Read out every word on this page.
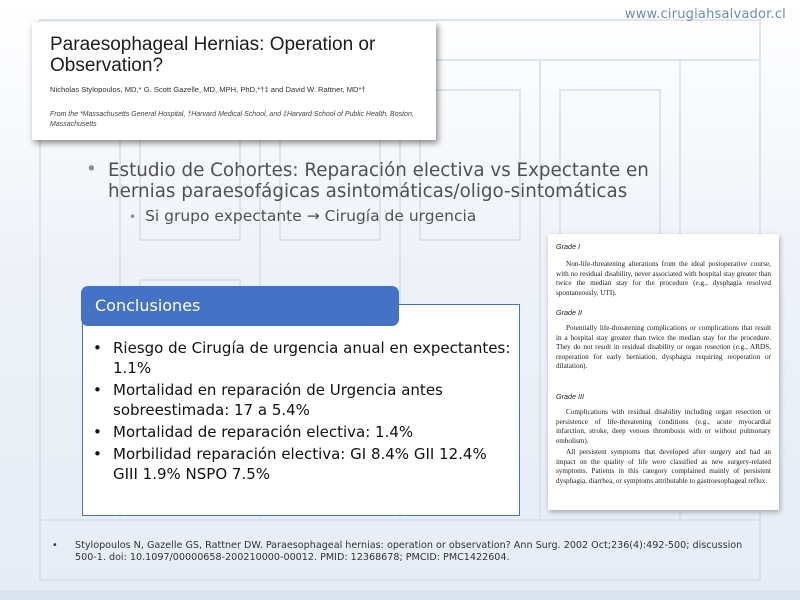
www.cirugiahsalvador.cl
Paraesophageal Hernias: Operation or Observation?
Nicholas Stylopoulos, MD,* G. Scott Gazelle, MD, MPH, PhD,*†‡ and David W. Rattner, MD*†
From the *Massachusetts General Hospital, †Harvard Medical School, and ‡Harvard School of Public Health, Boston, Massachusetts
• Estudio de Cohortes: Reparación electiva vs Expectante en hernias paraesofágicas asintomáticas/oligo-sintomáticas
• Si grupo expectante → Cirugía de urgencia
Conclusiones
• Riesgo de Cirugía de urgencia anual en expectantes: 1.1%
• Mortalidad en reparación de Urgencia antes sobreestimada: 17 a 5.4%
• Mortalidad de reparación electiva: 1.4%
• Morbilidad reparación electiva: GI 8.4% GII 12.4% GIII 1.9% NSPO 7.5%
Grade I
Non-life-threatening alterations from the ideal postoperative course, with no residual disability, never associated with hospital stay greater than twice the median stay for the procedure (e.g., dysphagia resolved spontaneously, UTI).
Grade II
Potentially life-threatening complications or complications that result in a hospital stay greater than twice the median stay for the procedure. They do not result in residual disability or organ resection (e.g., ARDS, reoperation for early herniation, dysphagia requiring reoperation or dilatation).
Grade III
Complications with residual disability including organ resection or persistence of life-threatening conditions (e.g., acute myocardial infarction, stroke, deep venous thrombosis with or without pulmonary embolism).
All persistent symptoms that developed after surgery and had an impact on the quality of life were classified as new surgery-related symptoms. Patients in this category complained mainly of persistent dysphagia, diarrhea, or symptoms attributable to gastroesophageal reflux.
•	Stylopoulos N, Gazelle GS, Rattner DW. Paraesophageal hernias: operation or observation? Ann Surg. 2002 Oct;236(4):492-500; discussion 500-1. doi: 10.1097/00000658-200210000-00012. PMID: 12368678; PMCID: PMC1422604.
